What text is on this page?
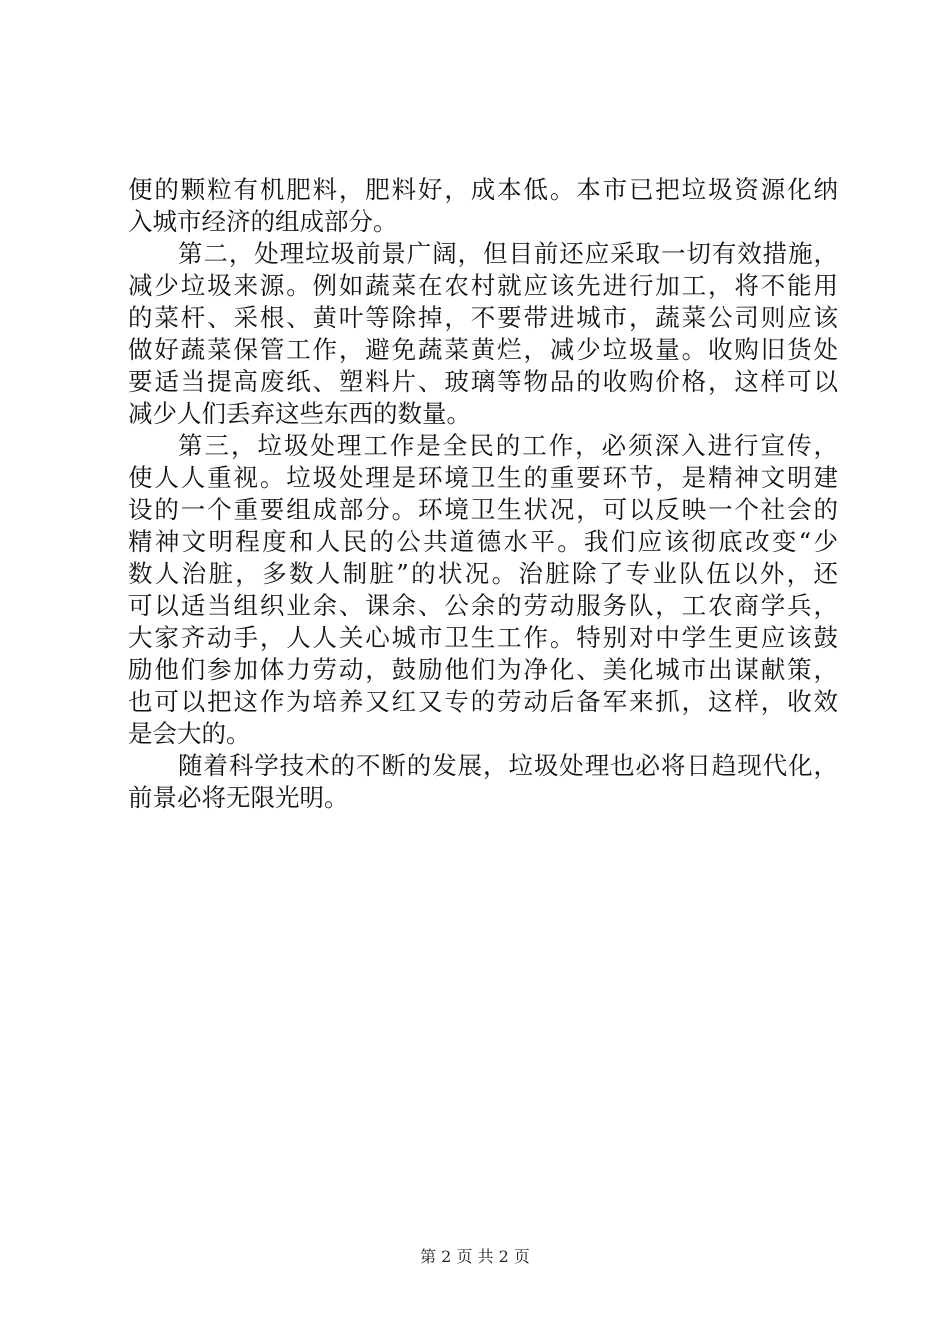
便的颗粒有机肥料，肥料好，成本低。本市已把垃圾资源化纳
入城市经济的组成部分。
第二，处理垃圾前景广阔，但目前还应采取一切有效措施，
减少垃圾来源。例如蔬菜在农村就应该先进行加工，将不能用
的菜杆、采根、黄叶等除掉，不要带进城市，蔬菜公司则应该
做好蔬菜保管工作，避免蔬菜黄烂，减少垃圾量。收购旧货处
要适当提高废纸、塑料片、玻璃等物品的收购价格，这样可以
减少人们丢弃这些东西的数量。
第三，垃圾处理工作是全民的工作，必须深入进行宣传，
使人人重视。垃圾处理是环境卫生的重要环节，是精神文明建
设的一个重要组成部分。环境卫生状况，可以反映一个社会的
精神文明程度和人民的公共道德水平。我们应该彻底改变“少
数人治脏，多数人制脏”的状况。治脏除了专业队伍以外，还
可以适当组织业余、课余、公余的劳动服务队，工农商学兵，
大家齐动手，人人关心城市卫生工作。特别对中学生更应该鼓
励他们参加体力劳动，鼓励他们为净化、美化城市出谋献策，
也可以把这作为培养又红又专的劳动后备军来抓，这样，收效
是会大的。
随着科学技术的不断的发展，垃圾处理也必将日趋现代化，
前景必将无限光明。
第 2 页 共 2 页
